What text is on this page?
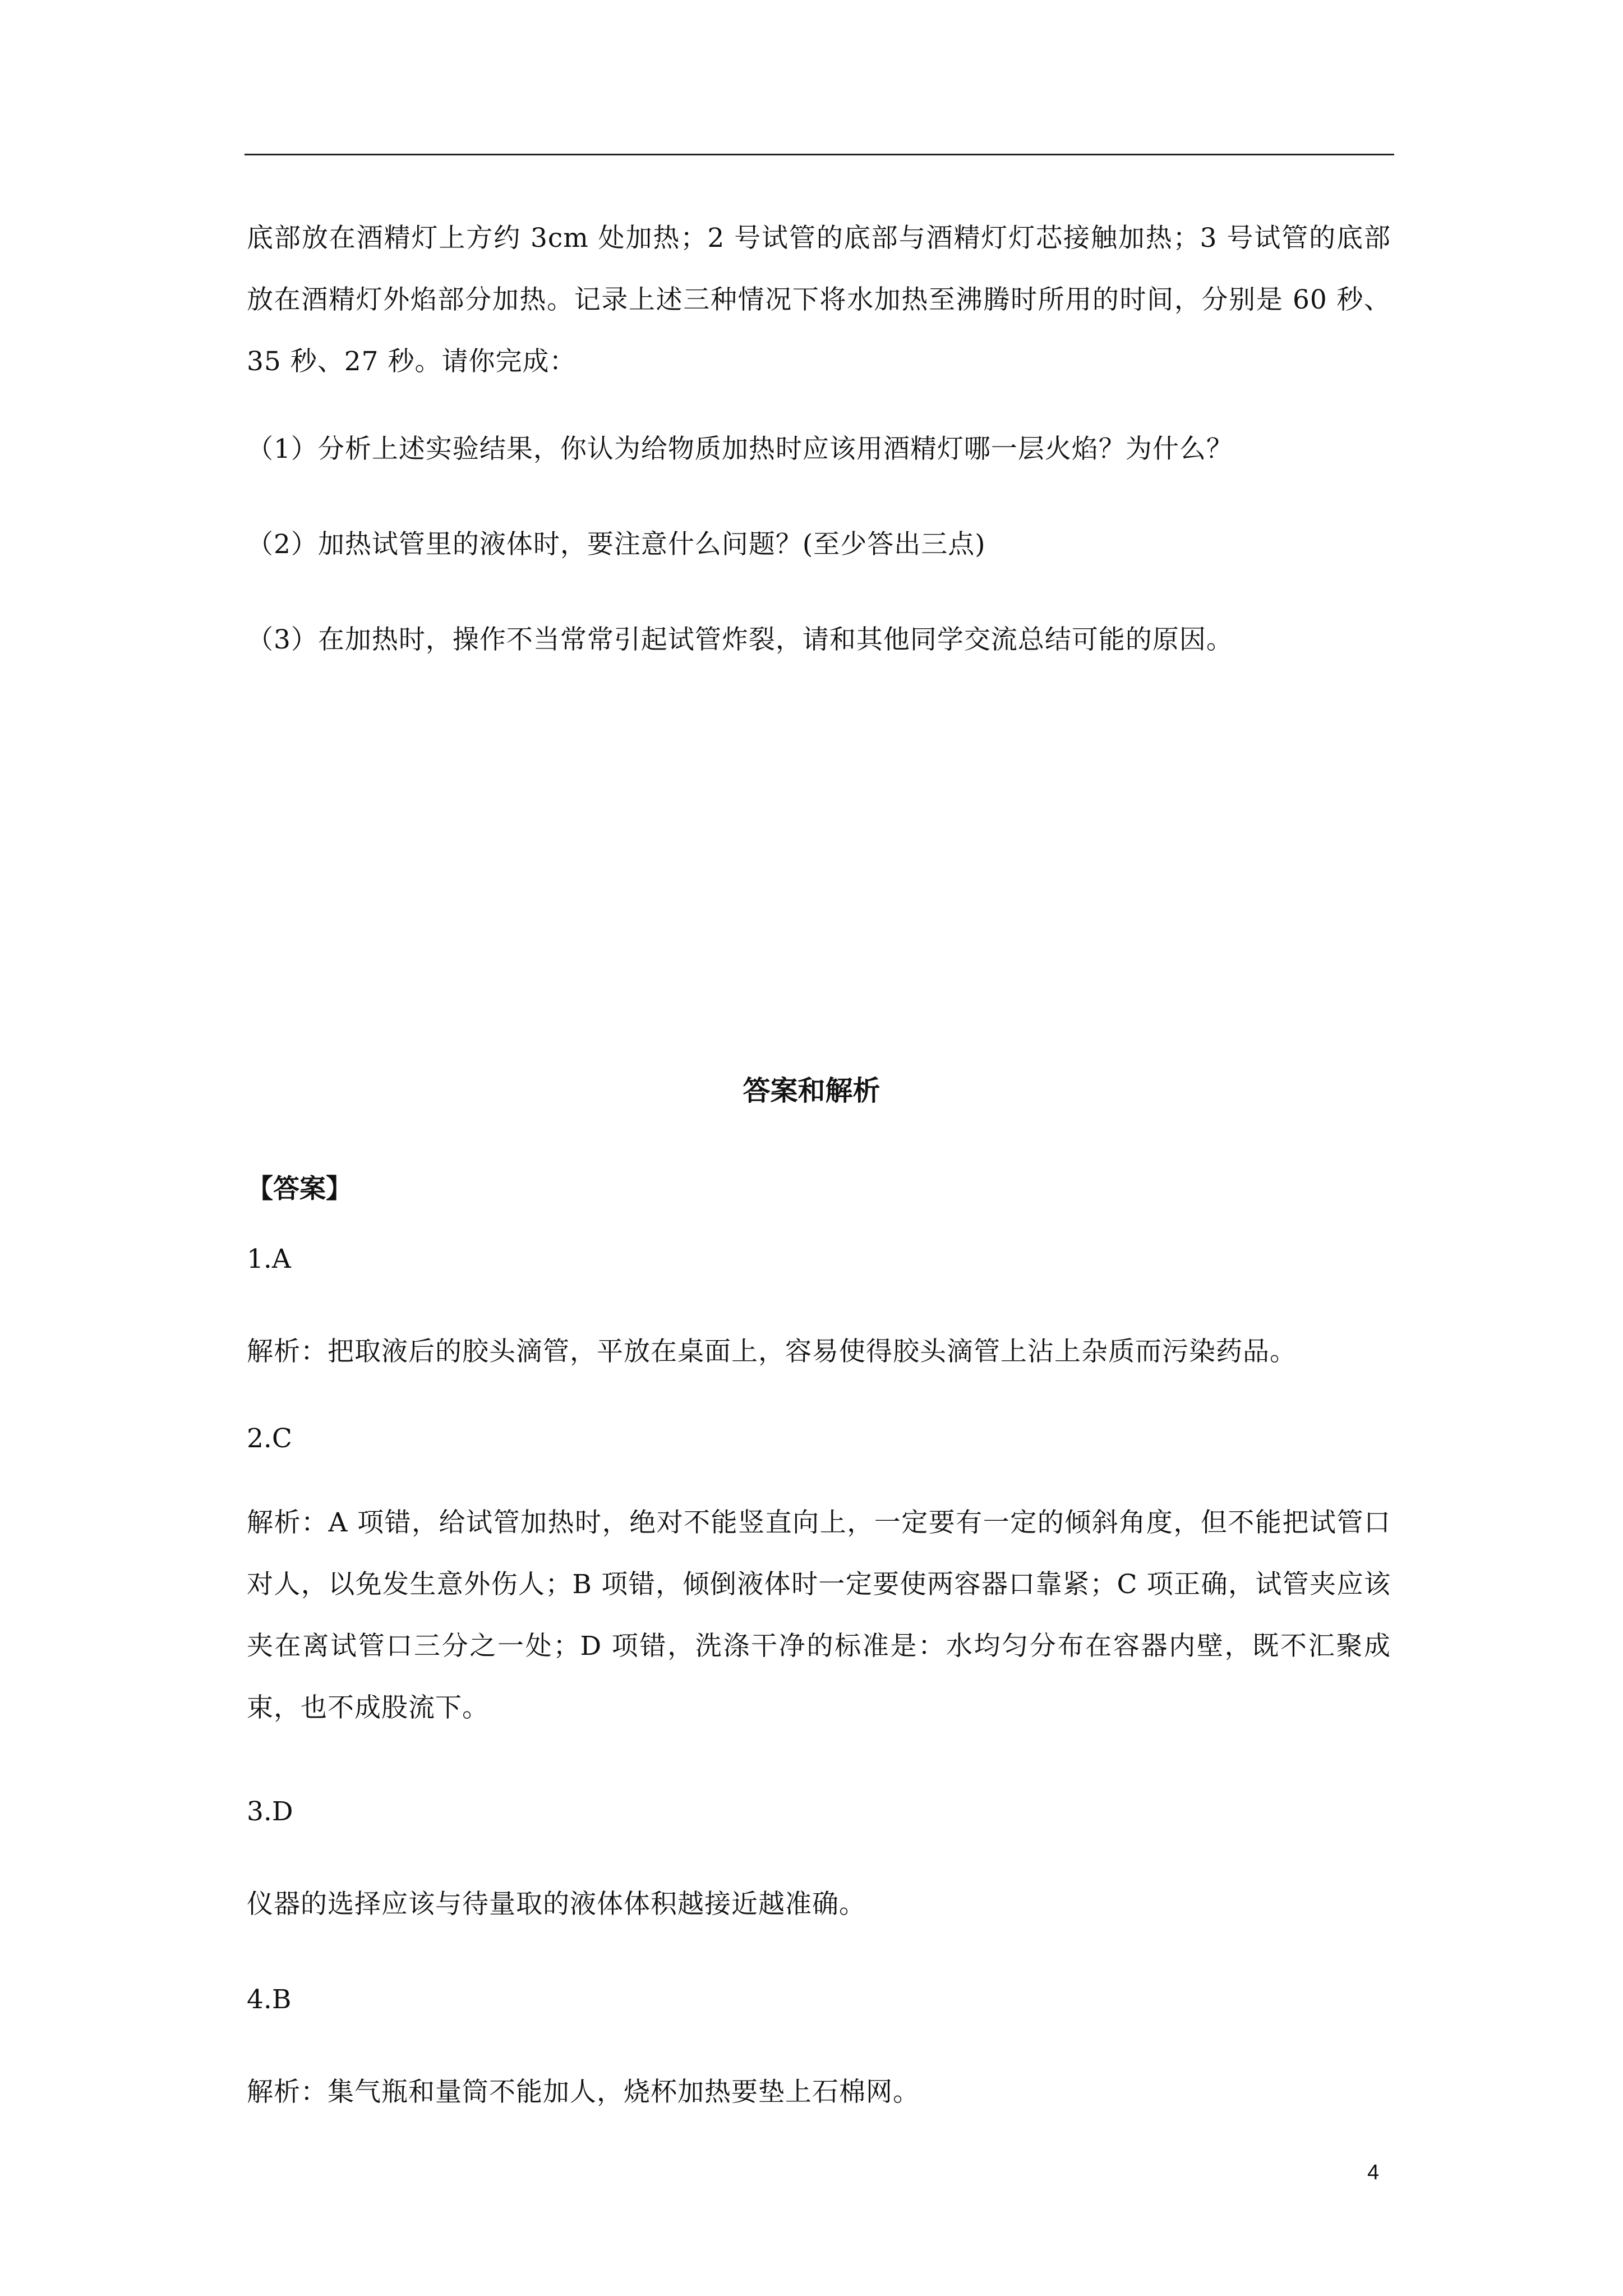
底部放在酒精灯上方约 3cm 处加热；2 号试管的底部与酒精灯灯芯接触加热；3 号试管的底部放在酒精灯外焰部分加热。记录上述三种情况下将水加热至沸腾时所用的时间，分别是 60 秒、35 秒、27 秒。请你完成：

（1）分析上述实验结果，你认为给物质加热时应该用酒精灯哪一层火焰？为什么？

（2）加热试管里的液体时，要注意什么问题？(至少答出三点)

（3）在加热时，操作不当常常引起试管炸裂，请和其他同学交流总结可能的原因。

答案和解析
【答案】
1.A
解析：把取液后的胶头滴管，平放在桌面上，容易使得胶头滴管上沾上杂质而污染药品。
2.C
解析：A 项错，给试管加热时，绝对不能竖直向上，一定要有一定的倾斜角度，但不能把试管口对人，以免发生意外伤人；B 项错，倾倒液体时一定要使两容器口靠紧；C 项正确，试管夹应该夹在离试管口三分之一处；D 项错，洗涤干净的标准是：水均匀分布在容器内壁，既不汇聚成束，也不成股流下。
3.D
仪器的选择应该与待量取的液体体积越接近越准确。
4.B
解析：集气瓶和量筒不能加人，烧杯加热要垫上石棉网。
4
